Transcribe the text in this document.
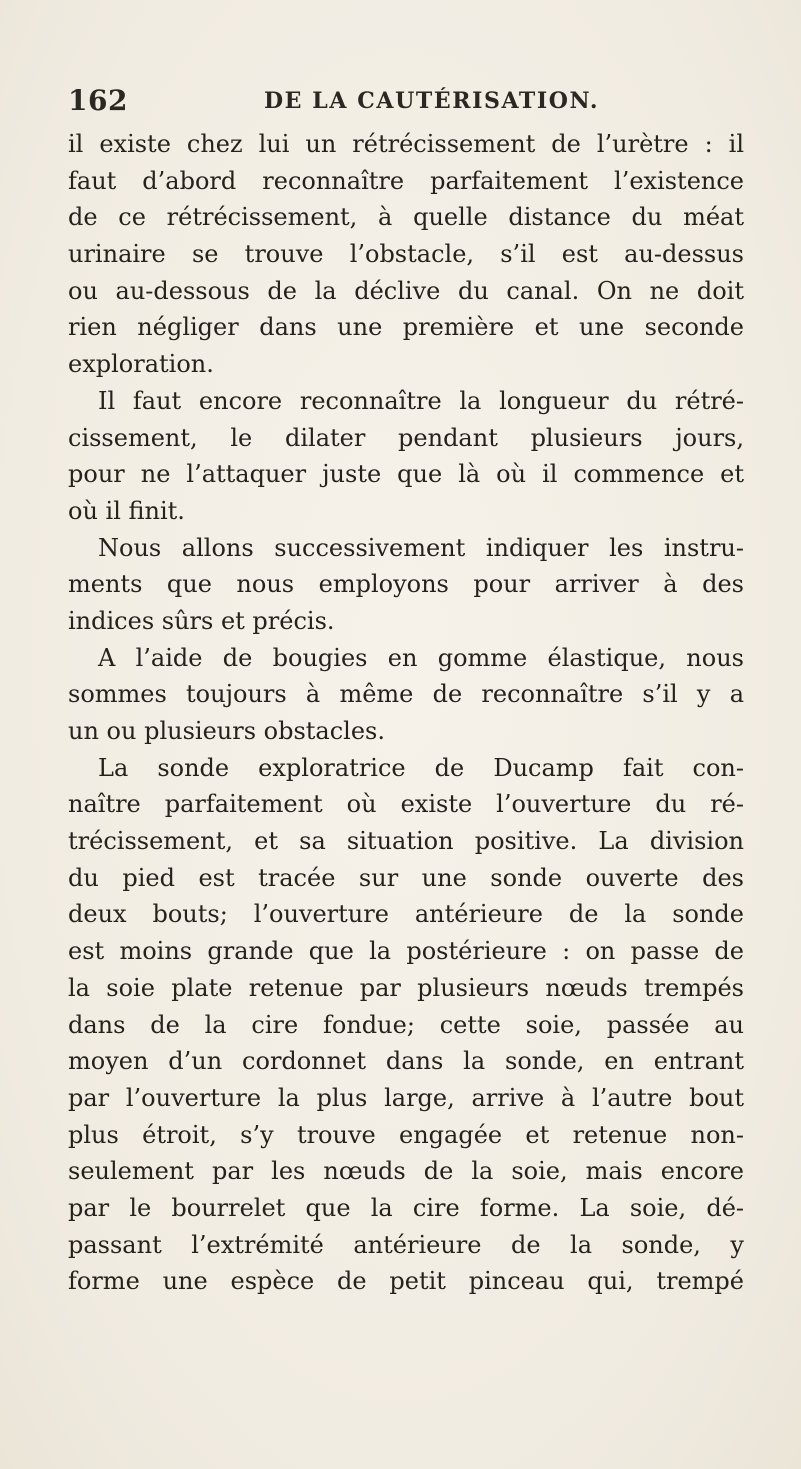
162	DE LA CAUTÉRISATION.
il existe chez lui un rétrécissement de l’urètre : il
faut d’abord reconnaître parfaitement l’existence
de ce rétrécissement, à quelle distance du méat
urinaire se trouve l’obstacle, s’il est au-dessus
ou au-dessous de la déclive du canal. On ne doit
rien négliger dans une première et une seconde
exploration.
Il faut encore reconnaître la longueur du rétré-
cissement, le dilater pendant plusieurs jours,
pour ne l’attaquer juste que là où il commence et
où il finit.
Nous allons successivement indiquer les instru-
ments que nous employons pour arriver à des
indices sûrs et précis.
A l’aide de bougies en gomme élastique, nous
sommes toujours à même de reconnaître s’il y a
un ou plusieurs obstacles.
La sonde exploratrice de Ducamp fait con-
naître parfaitement où existe l’ouverture du ré-
trécissement, et sa situation positive. La division
du pied est tracée sur une sonde ouverte des
deux bouts; l’ouverture antérieure de la sonde
est moins grande que la postérieure : on passe de
la soie plate retenue par plusieurs nœuds trempés
dans de la cire fondue; cette soie, passée au
moyen d’un cordonnet dans la sonde, en entrant
par l’ouverture la plus large, arrive à l’autre bout
plus étroit, s’y trouve engagée et retenue non-
seulement par les nœuds de la soie, mais encore
par le bourrelet que la cire forme. La soie, dé-
passant l’extrémité antérieure de la sonde, y
forme une espèce de petit pinceau qui, trempé
